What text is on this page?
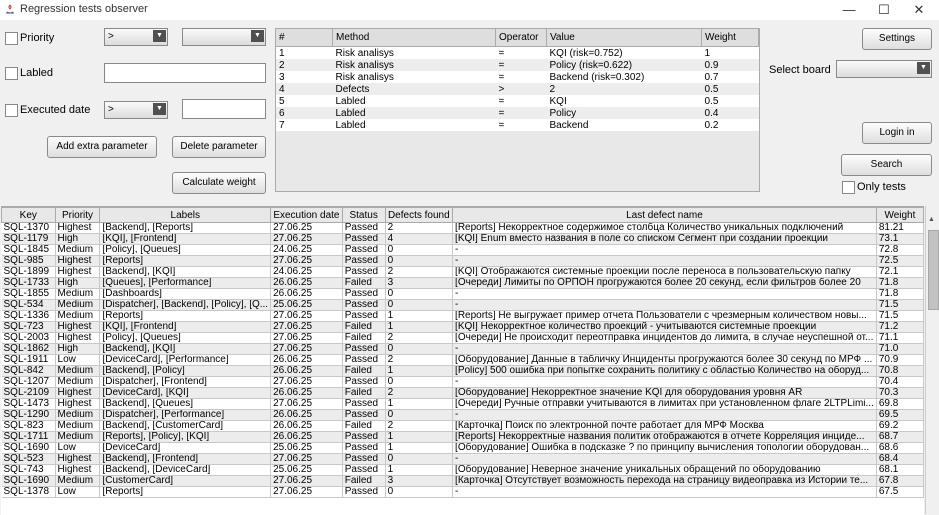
Regression tests observer	—	☐	✕
Priority	>	▼	▼
Labled
Executed date >	▼
Add extra parameter	Delete parameter
Calculate weight
#	Method	Operator	Value	Weight
1	Risk analisys	=	KQI (risk=0.752)	1
2	Risk analisys	=	Policy (risk=0.622)	0.9
3	Risk analisys	=	Backend (risk=0.302)	0.7
4	Defects	>	2	0.5
5	Labled	=	KQI	0.5
6	Labled	=	Policy	0.4
7	Labled	=	Backend	0.2
Settings
Select board	▼
Login in
Search
Only tests
Key	Priority	Labels	Execution date	Status	Defects found	Last defect name	Weight
SQL-1370	Highest	[Backend], [Reports]	27.06.25	Passed	2	[Reports] Некорректное содержимое столбца Количество уникальных подключений	81.21
SQL-1179	High	[KQI], [Frontend]	27.06.25	Passed	4	[KQI] Enum вместо названия в поле со списком Сегмент при создании проекции	73.1
SQL-1845	Medium	[Policy], [Queues]	24.06.25	Passed	0	-	72.8
SQL-985	Highest	[Reports]	27.06.25	Passed	0	-	72.5
SQL-1899	Highest	[Backend], [KQI]	24.06.25	Passed	2	[KQI] Отображаются системные проекции после переноса в пользовательскую папку	72.1
SQL-1733	High	[Queues], [Performance]	26.06.25	Failed	3	[Очереди] Лимиты по ОРПОН прогружаются более 20 секунд, если фильтров более 20	71.8
SQL-1855	Medium	[Dashboards]	26.06.25	Passed	0	-	71.8
SQL-534	Medium	[Dispatcher], [Backend], [Policy], [Q...	25.06.25	Passed	0	-	71.5
SQL-1336	Medium	[Reports]	27.06.25	Passed	1	[Reports] Не выгружает пример отчета Пользователи с чрезмерным количеством новы...	71.5
SQL-723	Highest	[KQI], [Frontend]	27.06.25	Failed	1	[KQI] Некорректное количество проекций - учитываются системные проекции	71.2
SQL-2003	Highest	[Policy], [Queues]	27.06.25	Failed	2	[Очереди] Не происходит переотправка инцидентов до лимита, в случае неуспешной от...	71.1
SQL-1862	High	[Backend], [KQI]	27.06.25	Passed	0	-	71.0
SQL-1911	Low	[DeviceCard], [Performance]	26.06.25	Passed	2	[Оборудование] Данные в табличку Инциденты прогружаются более 30 секунд по МРФ ...	70.9
SQL-842	Medium	[Backend], [Policy]	26.06.25	Failed	1	[Policy] 500 ошибка при попытке сохранить политику с областью Количество на оборуд...	70.8
SQL-1207	Medium	[Dispatcher], [Frontend]	27.06.25	Passed	0	-	70.4
SQL-2109	Highest	[DeviceCard], [KQI]	26.06.25	Failed	2	[Оборудование] Некорректное значение KQI для оборудования уровня AR	70.3
SQL-1473	Highest	[Backend], [Queues]	27.06.25	Passed	1	[Очереди] Ручные отправки учитываются в лимитах при установленном флаге 2LTPLimi...	69.8
SQL-1290	Medium	[Dispatcher], [Performance]	26.06.25	Passed	0	-	69.5
SQL-823	Medium	[Backend], [CustomerCard]	26.06.25	Failed	2	[Карточка] Поиск по электронной почте работает для МРФ Москва	69.2
SQL-1711	Medium	[Reports], [Policy], [KQI]	26.06.25	Passed	1	[Reports] Некорректные названия политик отображаются в отчете Корреляция инциде...	68.7
SQL-1690	Low	[DeviceCard]	25.06.25	Passed	1	[Оборудование] Ошибка в подсказке ? по принципу вычисления топологии оборудован...	68.6
SQL-523	Highest	[Backend], [Frontend]	27.06.25	Passed	0	-	68.4
SQL-743	Highest	[Backend], [DeviceCard]	25.06.25	Passed	1	[Оборудование] Неверное значение уникальных обращений по оборудованию	68.1
SQL-1690	Medium	[CustomerCard]	27.06.25	Failed	3	[Карточка] Отсутствует возможность перехода на страницу видеоправка из Истории те...	67.8
SQL-1378	Low	[Reports]	27.06.25	Passed	0	-	67.5
▲
